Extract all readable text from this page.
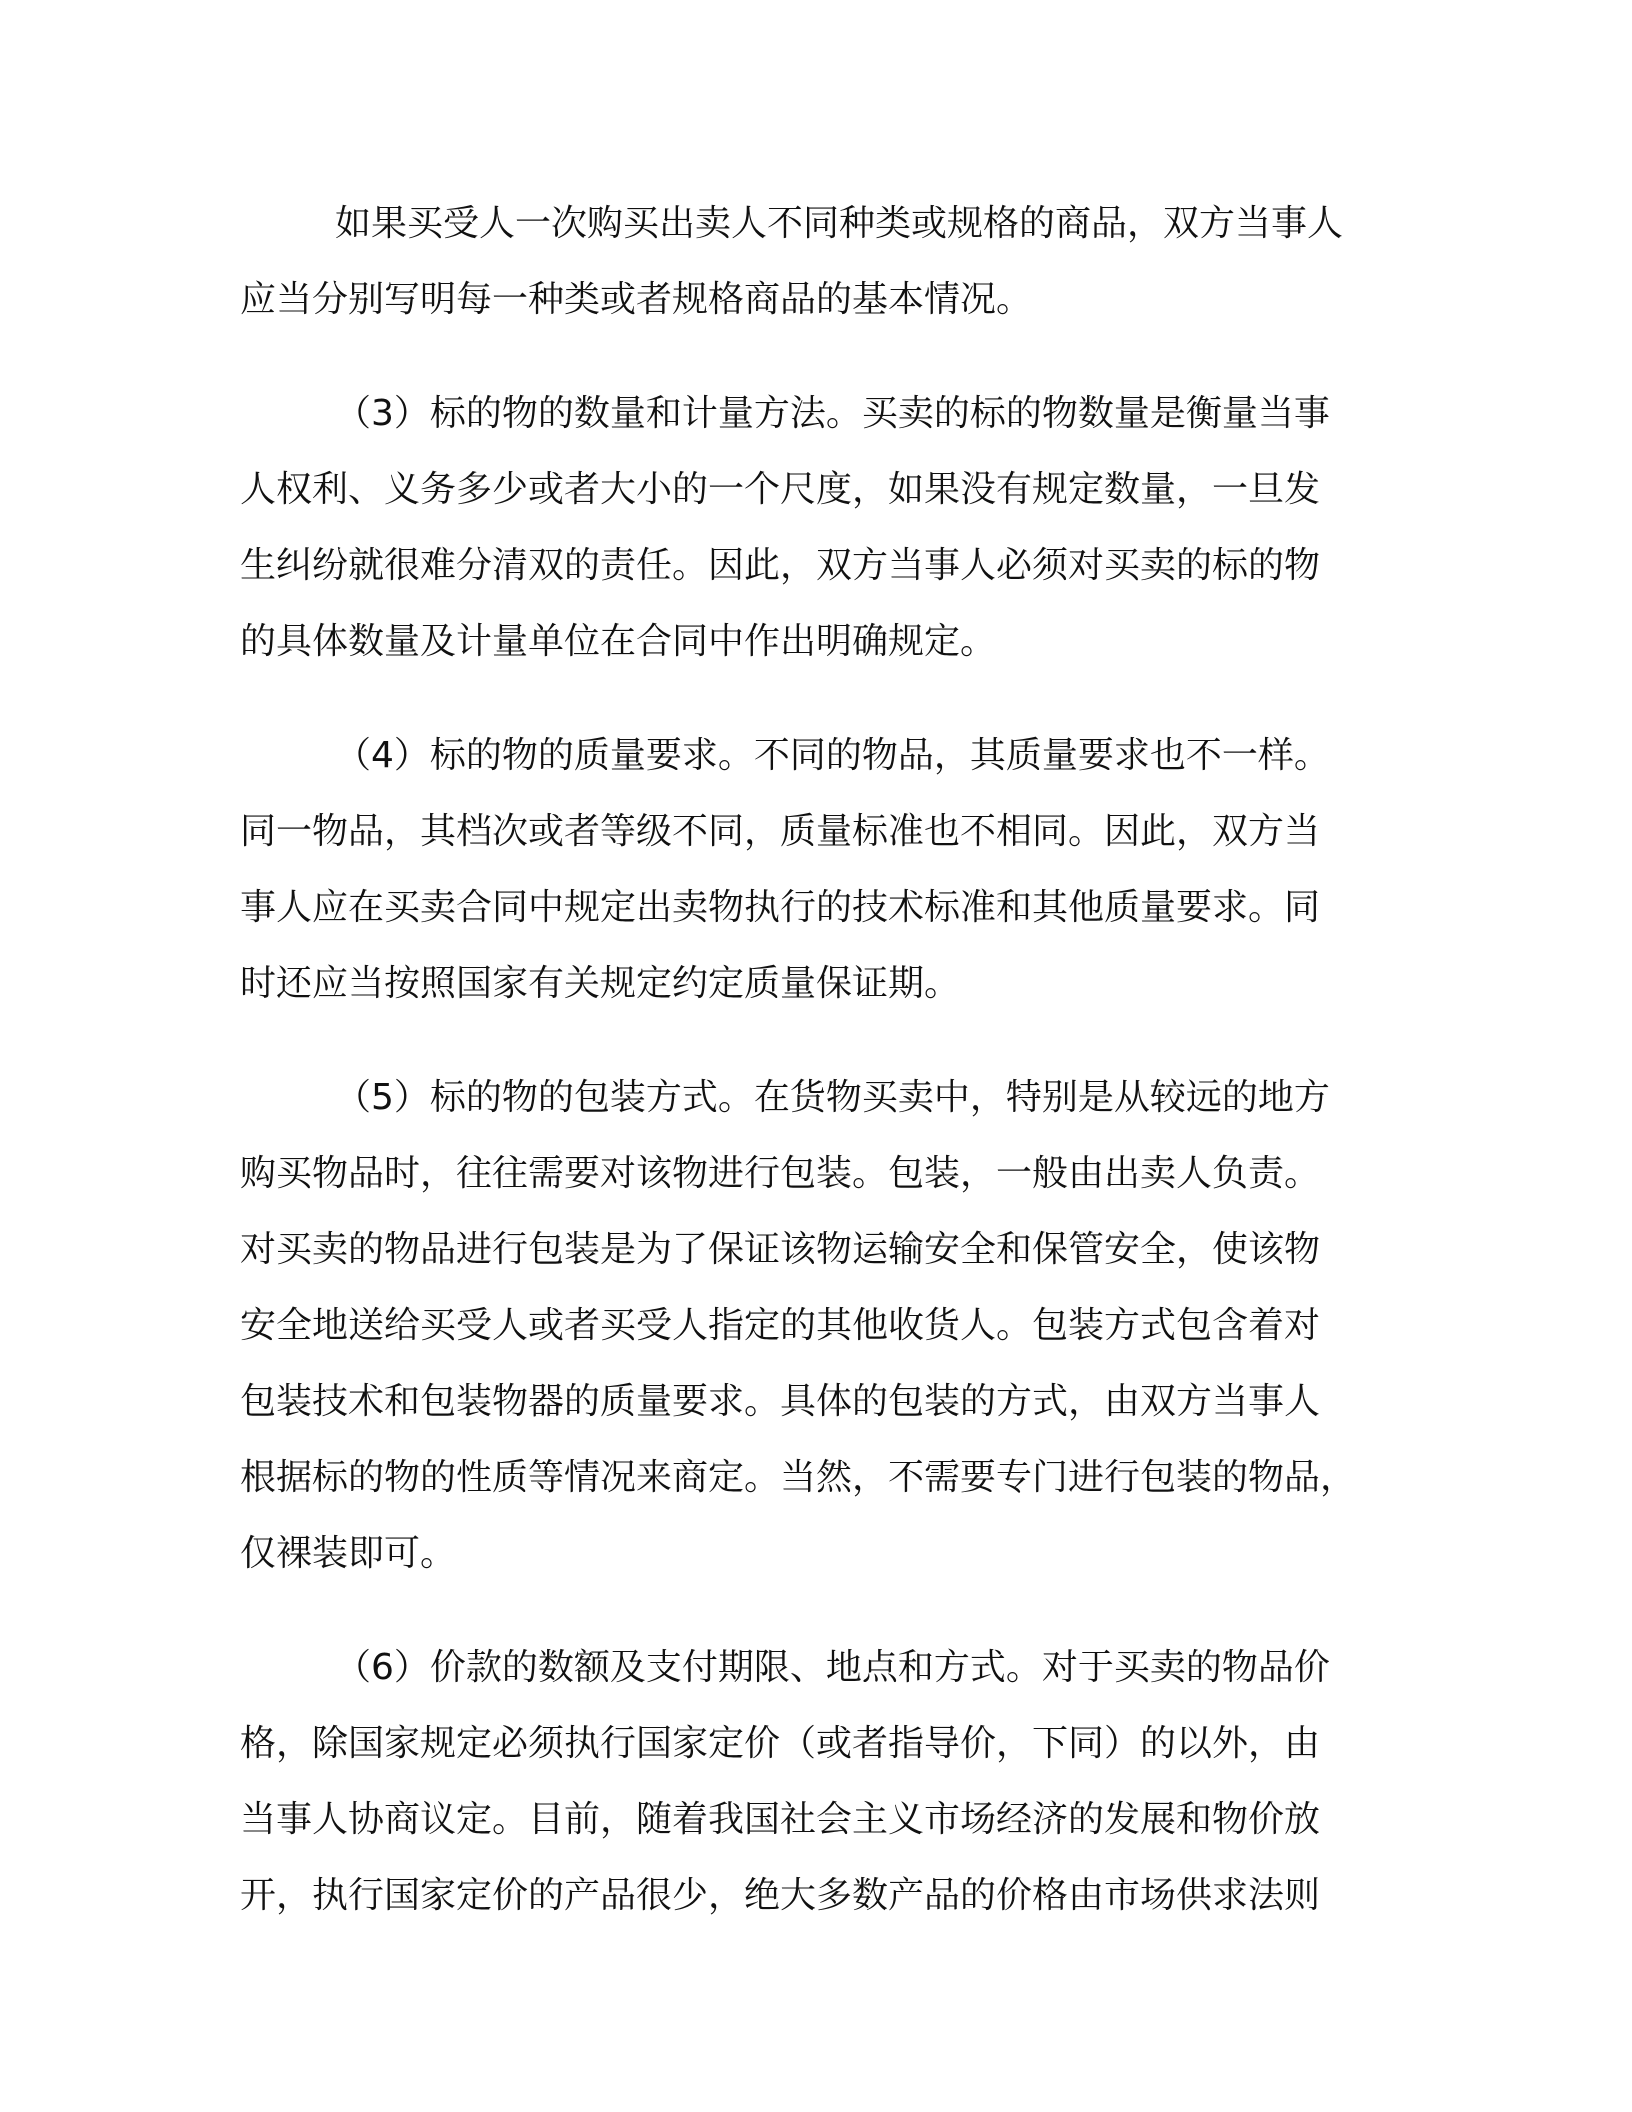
如果买受人一次购买出卖人不同种类或规格的商品，双方当事人
应当分别写明每一种类或者规格商品的基本情况。
（3）标的物的数量和计量方法。买卖的标的物数量是衡量当事
人权利、义务多少或者大小的一个尺度，如果没有规定数量，一旦发
生纠纷就很难分清双的责任。因此，双方当事人必须对买卖的标的物
的具体数量及计量单位在合同中作出明确规定。
（4）标的物的质量要求。不同的物品，其质量要求也不一样。
同一物品，其档次或者等级不同，质量标准也不相同。因此，双方当
事人应在买卖合同中规定出卖物执行的技术标准和其他质量要求。同
时还应当按照国家有关规定约定质量保证期。
（5）标的物的包装方式。在货物买卖中，特别是从较远的地方
购买物品时，往往需要对该物进行包装。包装，一般由出卖人负责。
对买卖的物品进行包装是为了保证该物运输安全和保管安全，使该物
安全地送给买受人或者买受人指定的其他收货人。包装方式包含着对
包装技术和包装物器的质量要求。具体的包装的方式，由双方当事人
根据标的物的性质等情况来商定。当然，不需要专门进行包装的物品，
仅裸装即可。
（6）价款的数额及支付期限、地点和方式。对于买卖的物品价
格，除国家规定必须执行国家定价（或者指导价，下同）的以外，由
当事人协商议定。目前，随着我国社会主义市场经济的发展和物价放
开，执行国家定价的产品很少，绝大多数产品的价格由市场供求法则
